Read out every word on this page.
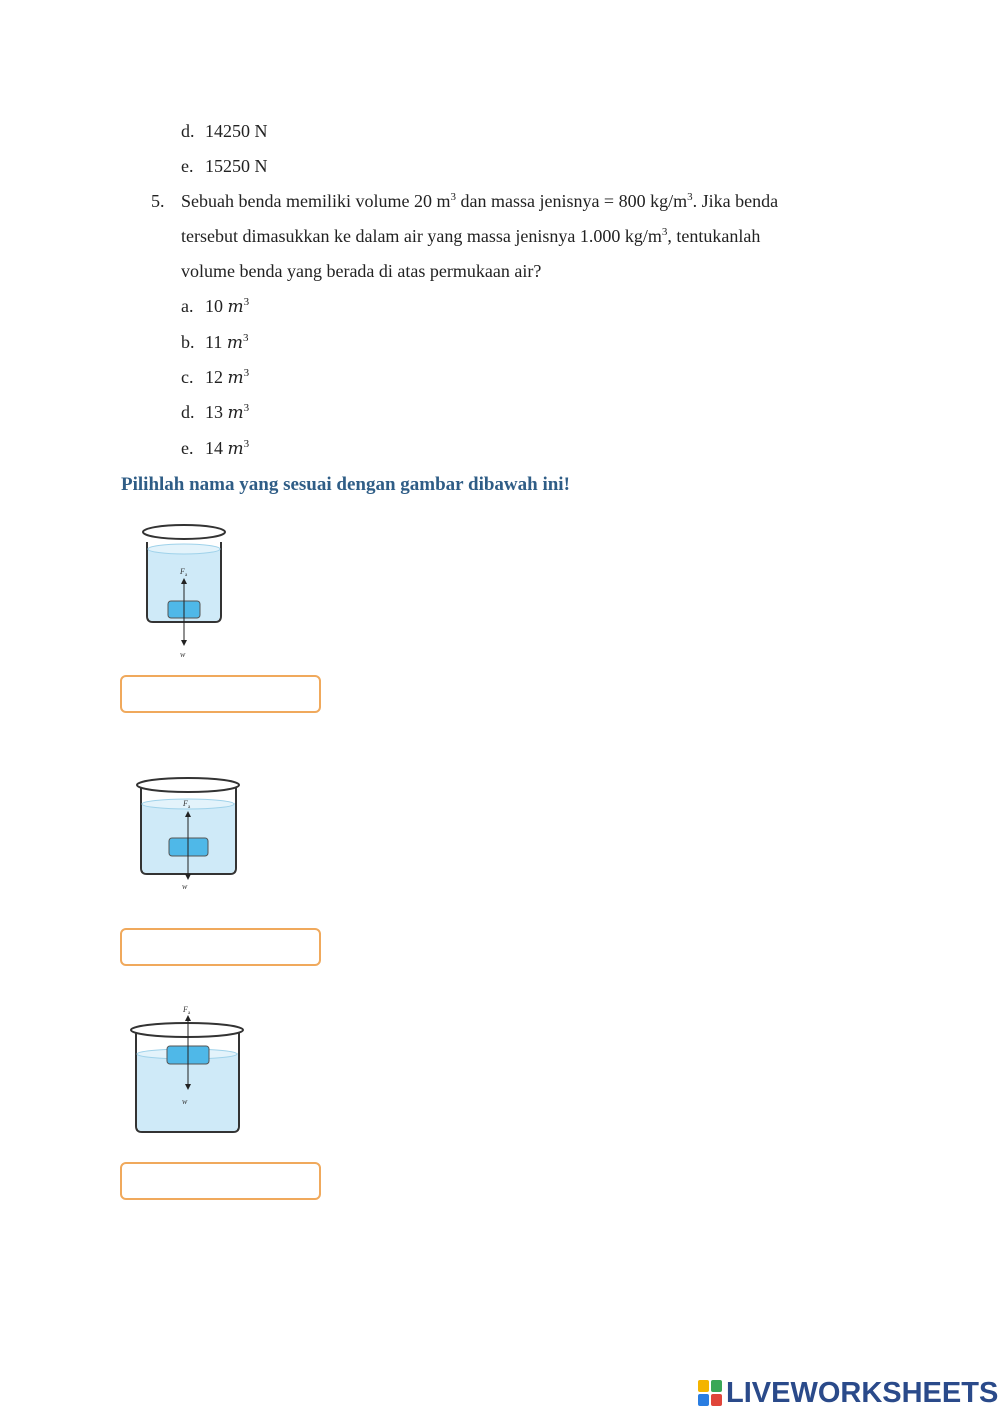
d. 14250 N
e. 15250 N
5. Sebuah benda memiliki volume 20 $m^3$ dan massa jenisnya = 800 $kg/m^3$. Jika benda
tersebut dimasukkan ke dalam air yang massa jenisnya 1.000 $kg/m^3$, tentukanlah
volume benda yang berada di atas permukaan air?
a. 10 $m^3$
b. 11 $m^3$
c. 12 $m^3$
d. 13 $m^3$
e. 14 $m^3$
Pilihlah nama yang sesuai dengan gambar dibawah ini!
F a
w
F a
w
F a
w
LIVEWORKSHEETS
